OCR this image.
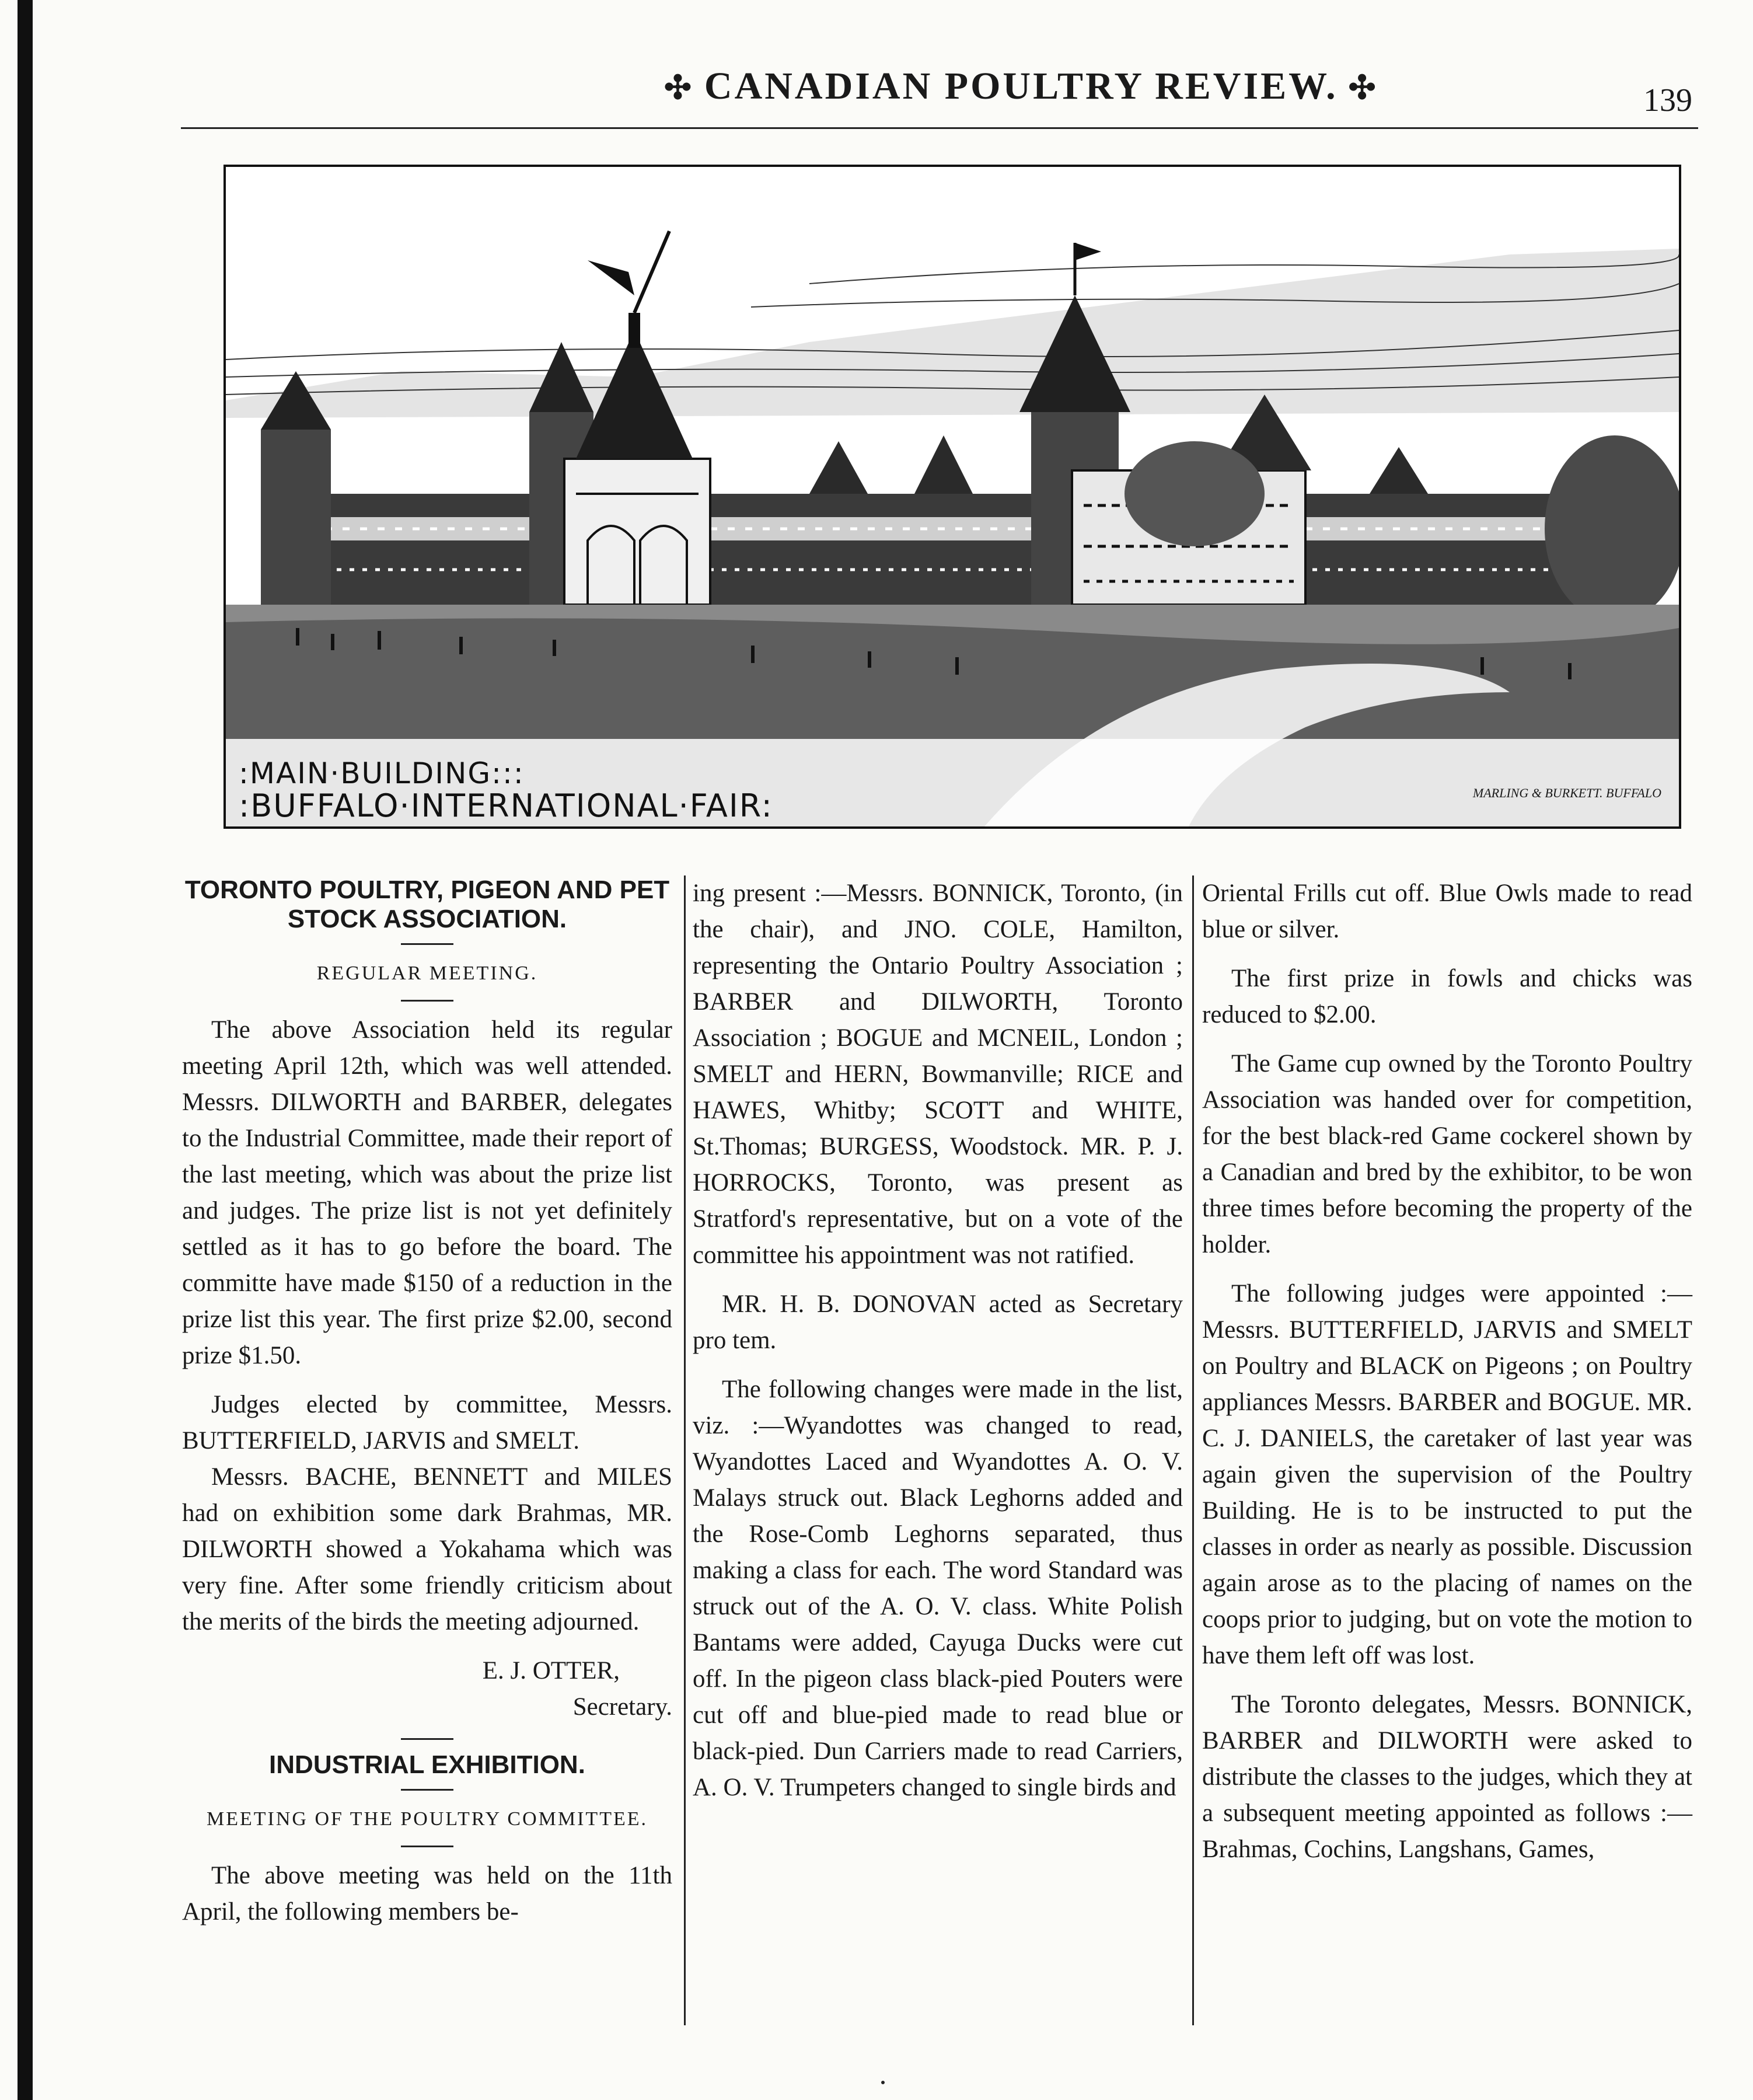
✣ CANADIAN POULTRY REVIEW. ✣	139
:MAIN·BUILDING:::
:BUFFALO·INTERNATIONAL·FAIR:	MARLING & BURKETT. BUFFALO
TORONTO POULTRY, PIGEON AND PET STOCK ASSOCIATION.
REGULAR MEETING.

The above Association held its regular meeting April 12th, which was well attended. Messrs. DILWORTH and BARBER, delegates to the Industrial Committee, made their report of the last meeting, which was about the prize list and judges. The prize list is not yet definitely settled as it has to go before the board. The committe have made $150 of a reduction in the prize list this year. The first prize $2.00, second prize $1.50.

Judges elected by committee, Messrs. BUTTERFIELD, JARVIS and SMELT.

Messrs. BACHE, BENNETT and MILES had on exhibition some dark Brahmas, MR. DILWORTH showed a Yokahama which was very fine. After some friendly criticism about the merits of the birds the meeting adjourned.

E. J. OTTER,

Secretary.

INDUSTRIAL EXHIBITION.
MEETING OF THE POULTRY COMMITTEE.

The above meeting was held on the 11th April, the following members be-

ing present :—Messrs. BONNICK, Toronto, (in the chair), and JNO. COLE, Hamilton, representing the Ontario Poultry Association ; BARBER and DILWORTH, Toronto Association ; BOGUE and MCNEIL, London ; SMELT and HERN, Bowmanville; RICE and HAWES, Whitby; SCOTT and WHITE, St.Thomas; BURGESS, Woodstock. MR. P. J. HORROCKS, Toronto, was present as Stratford's representative, but on a vote of the committee his appointment was not ratified.

MR. H. B. DONOVAN acted as Secretary pro tem.

The following changes were made in the list, viz. :—Wyandottes was changed to read, Wyandottes Laced and Wyandottes A. O. V. Malays struck out. Black Leghorns added and the Rose-Comb Leghorns separated, thus making a class for each. The word Standard was struck out of the A. O. V. class. White Polish Bantams were added, Cayuga Ducks were cut off. In the pigeon class black-pied Pouters were cut off and blue-pied made to read blue or black-pied. Dun Carriers made to read Carriers, A. O. V. Trumpeters changed to single birds and

Oriental Frills cut off. Blue Owls made to read blue or silver.

The first prize in fowls and chicks was reduced to $2.00.

The Game cup owned by the Toronto Poultry Association was handed over for competition, for the best black-red Game cockerel shown by a Canadian and bred by the exhibitor, to be won three times before becoming the property of the holder.

The following judges were appointed :—Messrs. BUTTERFIELD, JARVIS and SMELT on Poultry and BLACK on Pigeons ; on Poultry appliances Messrs. BARBER and BOGUE. MR. C. J. DANIELS, the caretaker of last year was again given the supervision of the Poultry Building. He is to be instructed to put the classes in order as nearly as possible. Discussion again arose as to the placing of names on the coops prior to judging, but on vote the motion to have them left off was lost.

The Toronto delegates, Messrs. BONNICK, BARBER and DILWORTH were asked to distribute the classes to the judges, which they at a subsequent meeting appointed as follows :—Brahmas, Cochins, Langshans, Games,
